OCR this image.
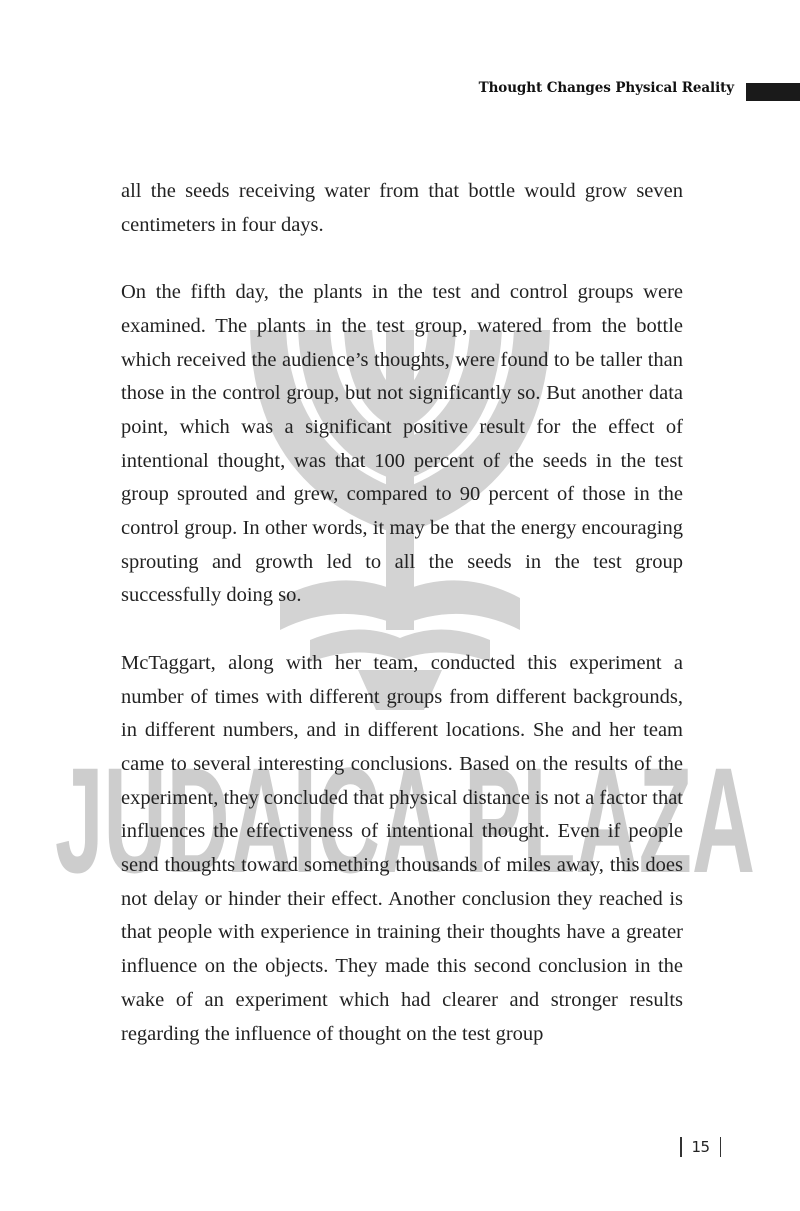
JUDAICA PLAZA
Thought Changes Physical Reality

all the seeds receiving water from that bottle would grow seven centimeters in four days.

On the fifth day, the plants in the test and control groups were examined. The plants in the test group, watered from the bottle which received the audience’s thoughts, were found to be taller than those in the control group, but not significantly so. But another data point, which was a significant positive result for the effect of intentional thought, was that 100 percent of the seeds in the test group sprouted and grew, compared to 90 percent of those in the control group. In other words, it may be that the energy encouraging sprouting and growth led to all the seeds in the test group successfully doing so.

McTaggart, along with her team, conducted this experiment a number of times with different groups from different backgrounds, in different numbers, and in different locations. She and her team came to several interesting conclusions. Based on the results of the experiment, they concluded that physical distance is not a factor that influences the effectiveness of intentional thought. Even if people send thoughts toward something thousands of miles away, this does not delay or hinder their effect. Another conclusion they reached is that people with experience in training their thoughts have a greater influence on the objects. They made this second conclusion in the wake of an experiment which had clearer and stronger results regarding the influence of thought on the test group

15
